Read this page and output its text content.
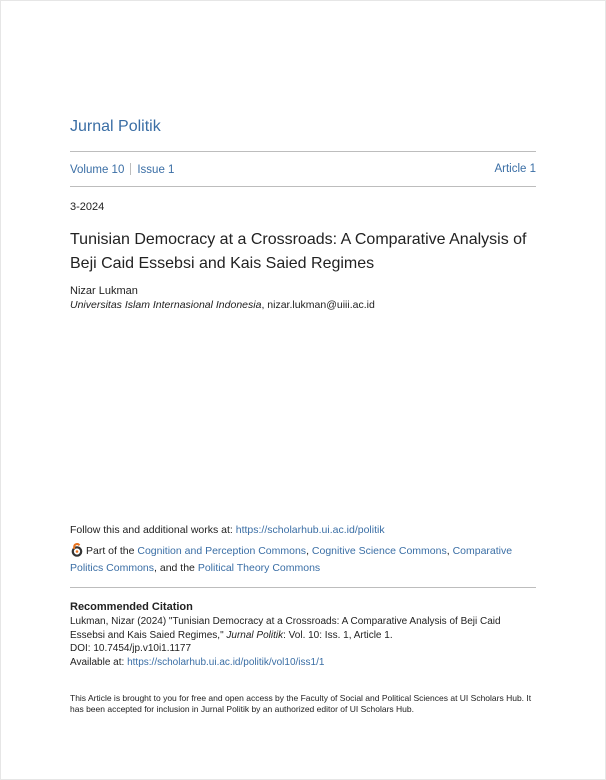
Jurnal Politik
Volume 10 Issue 1	Article 1
3-2024
Tunisian Democracy at a Crossroads: A Comparative Analysis of Beji Caid Essebsi and Kais Saied Regimes
Nizar Lukman
Universitas Islam Internasional Indonesia, nizar.lukman@uiii.ac.id
Follow this and additional works at: https://scholarhub.ui.ac.id/politik
Part of the Cognition and Perception Commons, Cognitive Science Commons, Comparative Politics Commons, and the Political Theory Commons
Recommended Citation
Lukman, Nizar (2024) "Tunisian Democracy at a Crossroads: A Comparative Analysis of Beji Caid Essebsi and Kais Saied Regimes," Jurnal Politik: Vol. 10: Iss. 1, Article 1.
DOI: 10.7454/jp.v10i1.1177
Available at: https://scholarhub.ui.ac.id/politik/vol10/iss1/1
This Article is brought to you for free and open access by the Faculty of Social and Political Sciences at UI Scholars Hub. It has been accepted for inclusion in Jurnal Politik by an authorized editor of UI Scholars Hub.
